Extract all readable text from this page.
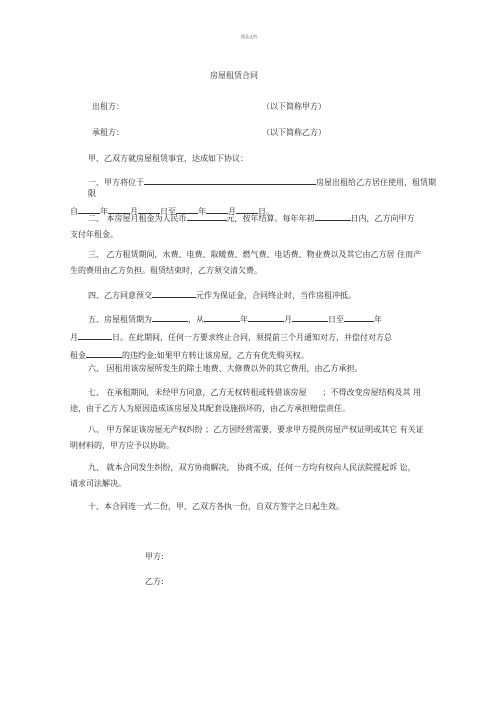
精品文档
房屋租赁合同
出租方：	（以下简称甲方）
承租方：	（以下简称乙方）
甲、乙双方就房屋租赁事宜，达成如下协议：
一、甲方将位于	房屋出租给乙方居住使用，租赁期限
自	年	月	日至	年	月	日。
二、 本房屋月租金为人民币	元，按年结算。每年年初	日内，乙方向甲方
支付年租金。
三、 乙方租赁期间，水费、电费、取暖费、燃气费、电话费、物业费以及其它由乙方居 住而产
生的费用由乙方负担。租赁结束时，乙方须交清欠费。
四、乙方同意预交	元作为保证金，合同终止时，当作房租冲抵。
五、房屋租赁期为	，从	年	月	日至	年
月	日。在此期间，任何一方要求终止合同，须提前三个月通知对方，并偿付对方总
租金	的违约金;如果甲方转让该房屋，乙方有优先购买权。
六、 因租用该房屋所发生的除土地费、大修费以外的其它费用，由乙方承担。
七、 在承租期间，未经甲方同意，乙方无权转租或转借该房屋 ；不得改变房屋结构及其 用
途，由于乙方人为原因造成该房屋及其配套设施损坏的，由乙方承担赔偿责任。
八、 甲方保证该房屋无产权纠纷 ；乙方因经营需要，要求甲方提供房屋产权证明或其它 有关证
明材料的，甲方应予以协助。
九、 就本合同发生纠纷，双方协商解决， 协商不成，任何一方均有权向人民法院提起诉 讼，
请求司法解决。
十、本合同连一式二份，甲、乙双方各执一份，自双方签字之日起生效。
甲方:
乙方:
